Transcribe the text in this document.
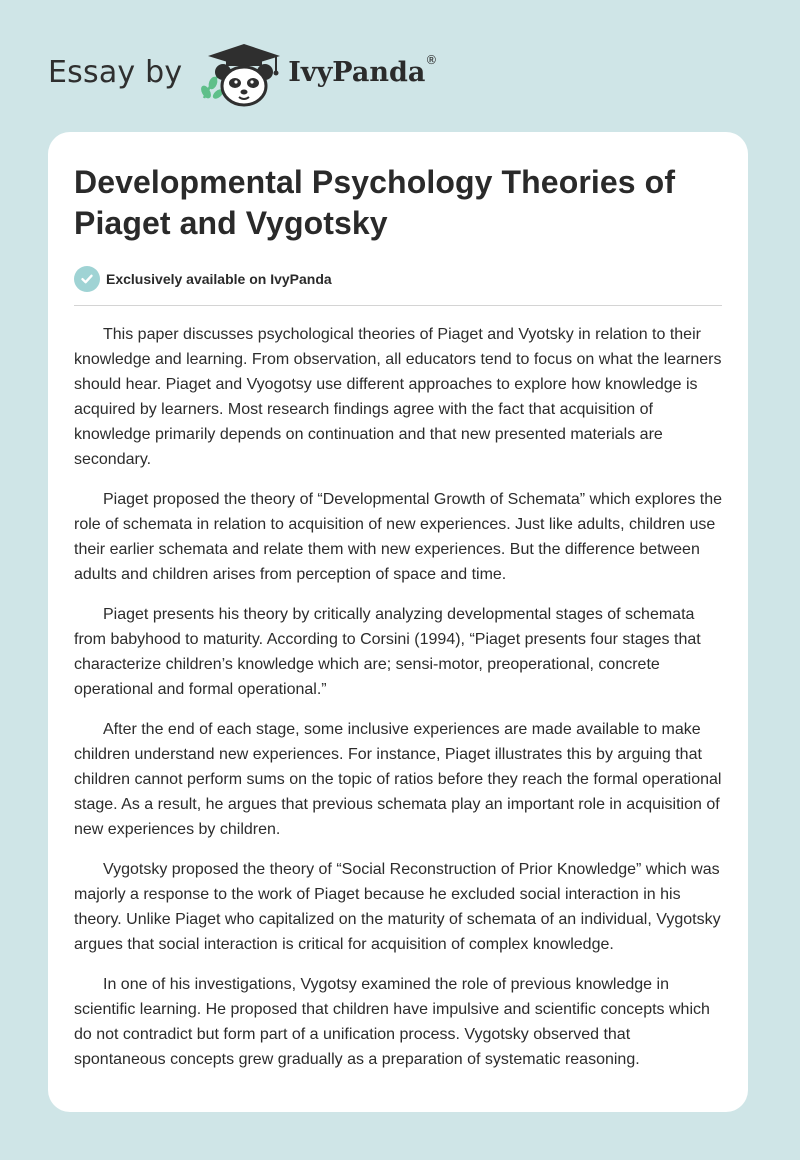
Essay by	IvyPanda®
Developmental Psychology Theories of Piaget and Vygotsky
Exclusively available on IvyPanda

This paper discusses psychological theories of Piaget and Vyotsky in relation to their knowledge and learning. From observation, all educators tend to focus on what the learners should hear. Piaget and Vyogotsy use different approaches to explore how knowledge is acquired by learners. Most research findings agree with the fact that acquisition of knowledge primarily depends on continuation and that new presented materials are secondary.

Piaget proposed the theory of “Developmental Growth of Schemata” which explores the role of schemata in relation to acquisition of new experiences. Just like adults, children use their earlier schemata and relate them with new experiences. But the difference between adults and children arises from perception of space and time.

Piaget presents his theory by critically analyzing developmental stages of schemata from babyhood to maturity. According to Corsini (1994), “Piaget presents four stages that characterize children’s knowledge which are; sensi-motor, preoperational, concrete operational and formal operational.”

After the end of each stage, some inclusive experiences are made available to make children understand new experiences. For instance, Piaget illustrates this by arguing that children cannot perform sums on the topic of ratios before they reach the formal operational stage. As a result, he argues that previous schemata play an important role in acquisition of new experiences by children.

Vygotsky proposed the theory of “Social Reconstruction of Prior Knowledge” which was majorly a response to the work of Piaget because he excluded social interaction in his theory. Unlike Piaget who capitalized on the maturity of schemata of an individual, Vygotsky argues that social interaction is critical for acquisition of complex knowledge.

In one of his investigations, Vygotsy examined the role of previous knowledge in scientific learning. He proposed that children have impulsive and scientific concepts which do not contradict but form part of a unification process. Vygotsky observed that spontaneous concepts grew gradually as a preparation of systematic reasoning.
